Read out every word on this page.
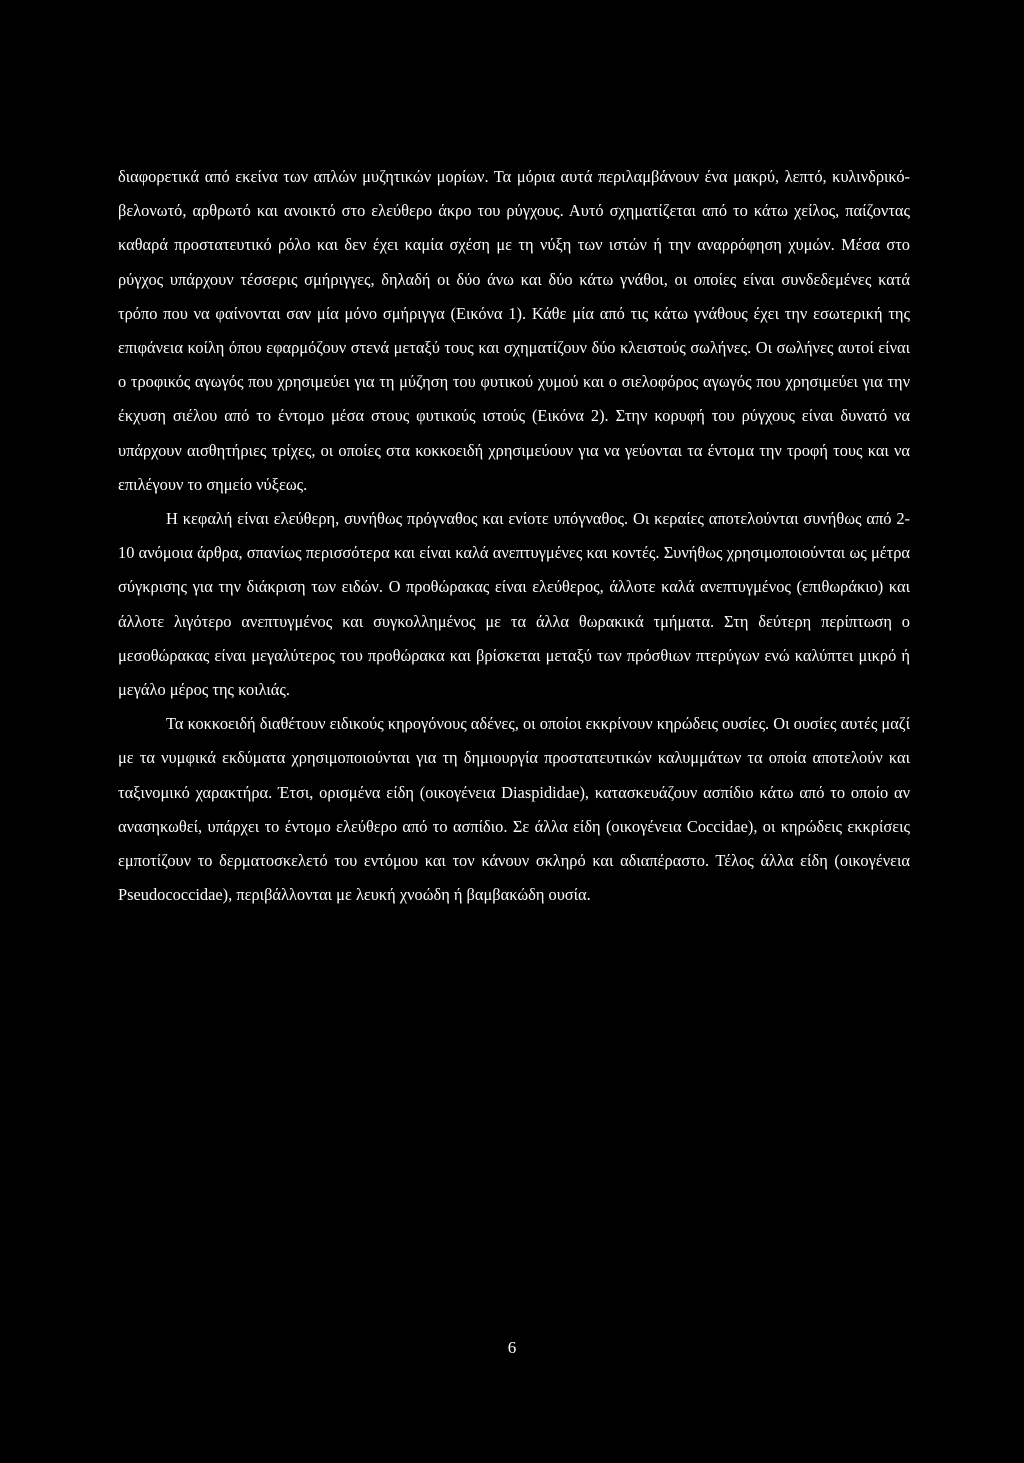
διαφορετικά από εκείνα των απλών μυζητικών μορίων. Τα μόρια αυτά περιλαμβάνουν ένα μακρύ, λεπτό, κυλινδρικό-βελονωτό, αρθρωτό και ανοικτό στο ελεύθερο άκρο του ρύγχους. Αυτό σχηματίζεται από το κάτω χείλος, παίζοντας καθαρά προστατευτικό ρόλο και δεν έχει καμία σχέση με τη νύξη των ιστών ή την αναρρόφηση χυμών. Μέσα στο ρύγχος υπάρχουν τέσσερις σμήριγγες, δηλαδή οι δύο άνω και δύο κάτω γνάθοι, οι οποίες είναι συνδεδεμένες κατά τρόπο που να φαίνονται σαν μία μόνο σμήριγγα (Εικόνα 1). Κάθε μία από τις κάτω γνάθους έχει την εσωτερική της επιφάνεια κοίλη όπου εφαρμόζουν στενά μεταξύ τους και σχηματίζουν δύο κλειστούς σωλήνες. Οι σωλήνες αυτοί είναι ο τροφικός αγωγός που χρησιμεύει για τη μύζηση του φυτικού χυμού και ο σιελοφόρος αγωγός που χρησιμεύει για την έκχυση σιέλου από το έντομο μέσα στους φυτικούς ιστούς (Εικόνα 2). Στην κορυφή του ρύγχους είναι δυνατό να υπάρχουν αισθητήριες τρίχες, οι οποίες στα κοκκοειδή χρησιμεύουν για να γεύονται τα έντομα την τροφή τους και να επιλέγουν το σημείο νύξεως.

Η κεφαλή είναι ελεύθερη, συνήθως πρόγναθος και ενίοτε υπόγναθος. Οι κεραίες αποτελούνται συνήθως από 2-10 ανόμοια άρθρα, σπανίως περισσότερα και είναι καλά ανεπτυγμένες και κοντές. Συνήθως χρησιμοποιούνται ως μέτρα σύγκρισης για την διάκριση των ειδών. Ο προθώρακας είναι ελεύθερος, άλλοτε καλά ανεπτυγμένος (επιθωράκιο) και άλλοτε λιγότερο ανεπτυγμένος και συγκολλημένος με τα άλλα θωρακικά τμήματα. Στη δεύτερη περίπτωση ο μεσοθώρακας είναι μεγαλύτερος του προθώρακα και βρίσκεται μεταξύ των πρόσθιων πτερύγων ενώ καλύπτει μικρό ή μεγάλο μέρος της κοιλιάς.

Τα κοκκοειδή διαθέτουν ειδικούς κηρογόνους αδένες, οι οποίοι εκκρίνουν κηρώδεις ουσίες. Οι ουσίες αυτές μαζί με τα νυμφικά εκδύματα χρησιμοποιούνται για τη δημιουργία προστατευτικών καλυμμάτων τα οποία αποτελούν και ταξινομικό χαρακτήρα. Έτσι, ορισμένα είδη (οικογένεια Diaspididae), κατασκευάζουν ασπίδιο κάτω από το οποίο αν ανασηκωθεί, υπάρχει το έντομο ελεύθερο από το ασπίδιο. Σε άλλα είδη (οικογένεια Coccidae), οι κηρώδεις εκκρίσεις εμποτίζουν το δερματοσκελετό του εντόμου και τον κάνουν σκληρό και αδιαπέραστο. Τέλος άλλα είδη (οικογένεια Pseudococcidae), περιβάλλονται με λευκή χνοώδη ή βαμβακώδη ουσία.

6
